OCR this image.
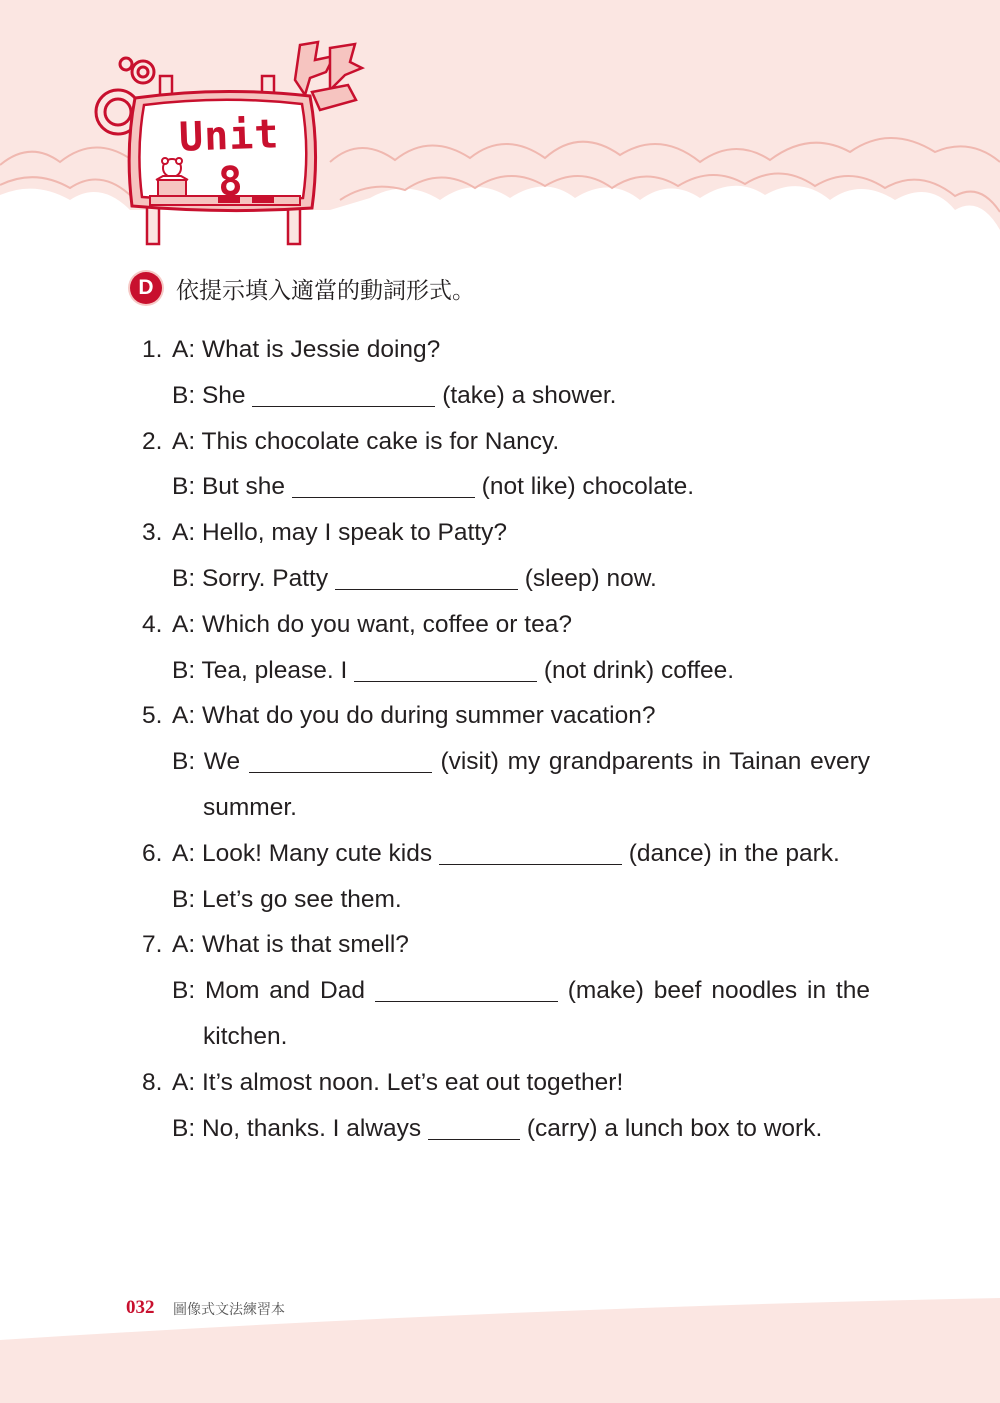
Unit 8
D 依提示填入適當的動詞形式。
1. A: What is Jessie doing?
B: She	(take) a shower.
2. A: This chocolate cake is for Nancy.
B: But she	(not like) chocolate.
3. A: Hello, may I speak to Patty?
B: Sorry. Patty	(sleep) now.
4. A: Which do you want, coffee or tea?
B: Tea, please. I	(not drink) coffee.
5. A: What do you do during summer vacation?
B: We	(visit) my grandparents in Tainan every
summer.
6. A: Look! Many cute kids	(dance) in the park.
B: Let’s go see them.
7. A: What is that smell?
B: Mom and Dad	(make) beef noodles in the
kitchen.
8. A: It’s almost noon. Let’s eat out together!
B: No, thanks. I always	(carry) a lunch box to work.
032 圖像式文法練習本
